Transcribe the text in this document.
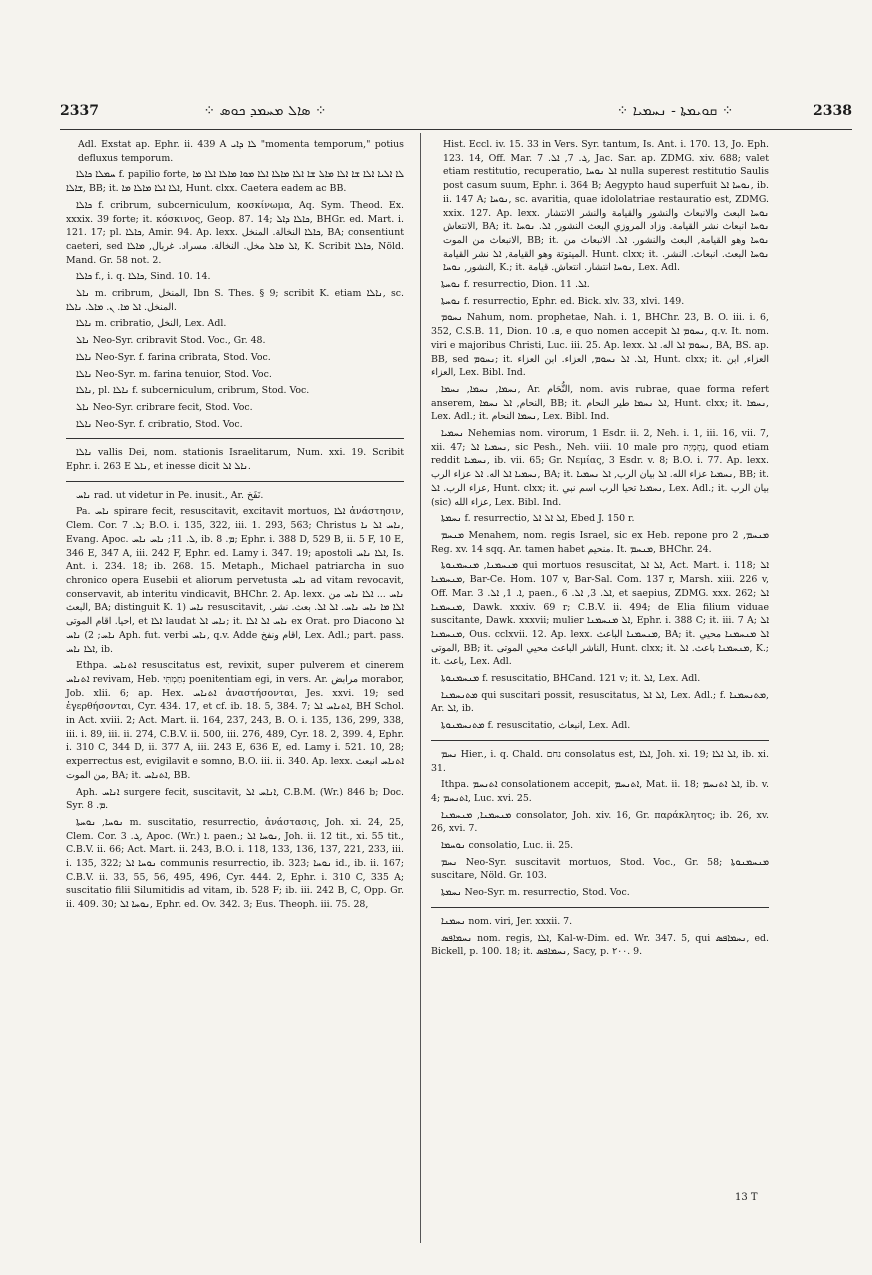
2337	⁘ ܣܐܠ ܡܚܡܕ ܟܘܣ ⁘	⁘ ܩܘܝܡܬܐ - ܢܚܡܝܐ ⁘	2338

Adl. Exstat ap. Ephr. ii. 439 A ܠܐ ܕܐܝ "momenta temporum," potius defluxus temporum.

ܚܡܠܐ ܟܐܠܐ f. papilio forte, ܠܐ ܐܠܝܐ ܐܠܐ ܫܐ ܐܠܐ ܡܐܠ ܫܐ ܐܠܐ ܡܐܠܐ ܐܠܐ ܡܘܐ ܡܐܠܐ ܐܠܐ ܡܐ ܫܐܠܐ, BB; it. ܐܠܐ ܐܠܐ ܡܐܠܐ ܡܐ, Hunt. clxx. Caetera eadem ac BB.

ܟܐܠܐ f. cribrum, subcerniculum, κοσκίνωμα, Aq. Sym. Theod. Ex. xxxix. 39 forte; it. κόσκινος, Geop. 87. 14; ܟܐܠܐ ܕܐܠ, BHGr. ed. Mart. i. 121. 17; pl. ܟܐܠܐ, Amir. 94. Ap. lexx. ܟܐܠܐ النخالة. المنخل, BA; consentiunt caeteri, sed ܐܠ ܡܐܠ مخل. النخالة. مسراد. غربال, ܡܐܠܐ, K. Scribit ܟܐܠܐ, Nöld. Mand. Gr. 58 not. 2.

ܟܐܠܐ f., i. q. ܟܐܠܐ, Sind. 10. 14.

ܢܐܠ m. cribrum, المنخل, Ibn S. Thes. § 9; scribit K. etiam ܢܐܠܐ, sc. المنخل. ܐܠ ܡܐ. ܢ. ܡܐܠ. ܢܐܠܐ.

ܢܐܠܐ m. cribratio, النخل, Lex. Adl.

ܢܐܠ Neo-Syr. cribravit Stod. Voc., Gr. 48.

ܢܐܠܐ Neo-Syr. f. farina cribrata, Stod. Voc.

ܢܐܠܐ Neo-Syr. m. farina tenuior, Stod. Voc.

ܢܐܠܐ, pl. ܢܐܠܐ f. subcerniculum, cribrum, Stod. Voc.

ܢܐܠ Neo-Syr. cribrare fecit, Stod. Voc.

ܢܐܠܐ Neo-Syr. f. cribratio, Stod. Voc.

ܢܐܠܐ vallis Dei, nom. stationis Israelitarum, Num. xxi. 19. Scribit Ephr. i. 263 E ܢܐܠ, et inesse dicit ܢܐܠ ܐܠ.

ܢܐܚ rad. ut videtur in Pe. inusit., Ar. نَفَخ.

Pa. ܢܐܚ spirare fecit, resuscitavit, excitavit mortuos, ܐܠܐ ἀνάστησιν, Clem. Cor. ܠ. 7; B.O. i. 135, 322, iii. 1. 293, 563; Christus ܢܐܚ ܐܠ ܢܐ, Evang. Apoc. ܠ. 11; ܢܐܚ ܢܐܚ, ib. ܡ. 8; Ephr. i. 388 D, 529 B, ii. 5 F, 10 E, 346 E, 347 A, iii. 242 F, Ephr. ed. Lamy i. 347. 19; apostoli ܐܠܐ ܢܐܚ, Is. Ant. i. 234. 18; ib. 268. 15. Metaph., Michael patriarcha in suo chronico opera Eusebii et aliorum pervetusta ܢܐܚ ad vitam revocavit, conservavit, ab interitu vindicavit, BHChr. 2. Ap. lexx. ܢܐܚ ... ܐܠܐ ܢܐܚ من البعث, BA; distinguit K. 1) ܢܐܚ resuscitavit, ܐܠܐ ܡܐ ܢܐܚ ܢܐܚ. ܐܠ ܐܠ. بعث. نشر. احيا. اقام الموتى, et ܐܠܐ laudat ܢܐܚ ܐܠ; it. ܢܐܚ ܐܠ ܐܠܐ ex Orat. pro Diacono ܐܠ ܢܐܚ; 2) ܢܐܚ Aph. fut. verbi ܢܐܚ, q.v. Adde اقام ونفخ, Lex. Adl.; part. pass. ܐܠܐ ܢܐܚ, ib.

Ethpa. ܐܬܢܐܚ resuscitatus est, revixit, super pulverem et cinerem ܐܬܢܐܚ revivam, Heb. נִחַמְתִּי poenitentiam egi, in vers. Ar. مرابض morabor, Job. xlii. 6; ap. Hex. ܐܬܢܐܚ ἀναστήσονται, Jes. xxvi. 19; sed ἐγερθήσονται, Cyr. 434. 17, et cf. ib. 18. 5, 384. 7; ܐܬܢܐܚ ܐܠ, BH Schol. in Act. xviii. 2; Act. Mart. ii. 164, 237, 243, B. O. i. 135, 136, 299, 338, iii. i. 89, iii. ii. 274, C.B.V. ii. 500, iii. 276, 489, Cyr. 18. 2, 399. 4, Ephr. i. 310 C, 344 D, ii. 377 A, iii. 243 E, 636 E, ed. Lamy i. 521. 10, 28; experrectus est, evigilavit e somno, B.O. iii. ii. 340. Ap. lexx. ܐܬܢܐܚ انبعث من الموت, BA; it. ܐܬܢܐܚ, BB.

Aph. ܐܢܐܚ surgere fecit, suscitavit, ܐܢܐܚ ܐܠ, C.B.M. (Wr.) 846 b; Doc. Syr. ܡ. 8.

ܢܘܚܐ, ܢܘܚܬܐ m. suscitatio, resurrectio, ἀνάστασις, Joh. xi. 24, 25, Clem. Cor. ܓ. 3, Apoc. (Wr.) ܐ. paen.; ܢܘܚܐ ܐܠ, Joh. ii. 12 tit., xi. 55 tit., C.B.V. ii. 66; Act. Mart. ii. 243, B.O. i. 118, 133, 136, 137, 221, 233, iii. i. 135, 322; ܢܘܚܐ ܐܠ communis resurrectio, ib. 323; ܢܘܚܐ id., ib. ii. 167; C.B.V. ii. 33, 55, 56, 495, 496, Cyr. 444. 2, Ephr. i. 310 C, 335 A; suscitatio filii Silumitidis ad vitam, ib. 528 F; ib. iii. 242 B, C, Opp. Gr. ii. 409. 30; ܢܘܚܐ ܐܠ, Ephr. ed. Ov. 342. 3; Eus. Theoph. iii. 75. 28,

Hist. Eccl. iv. 15. 33 in Vers. Syr. tantum, Is. Ant. i. 170. 13, Jo. Eph. 123. 14, Off. Mar. ܓ. 7, ܐܠ. 7, Jac. Sar. ap. ZDMG. xiv. 688; valet etiam restitutio, recuperatio, ܐܠ ܢܘܚܐ nulla superest restitutio Saulis post casum suum, Ephr. i. 364 B; Aegypto haud superfuit ܢܘܚܐ ܐܠ, ib. ii. 147 A; ܢܘܚܐ, sc. avaritia, quae idololatriae restauratio est, ZDMG. xxix. 127. Ap. lexx. ܢܘܚܐ البعث والانبعاث والنشور والقيامة والنشر الانتشار الانتعاش, BA; it. ܢܘܚܐ انبعاث نشر القيامة. وزاد المروزي البعث النشور, ܐܠ. ܢܘܚܐ الانبعاث من الموت, BB; it. ܢܘܚܐ وهو القيامة, البعث والنشور. ܐܠ. الانبعاث من الميتوتة وهو القيامة, ܐܠ نشر القيامة. Hunt. clxx; it. ܢܘܚܐ البعث. انبعاث. النشر. النشور, ܢܘܚܐ, K.; it. ܢܘܚܐ انتشار. انتعاش. قيامة, Lex. Adl.

ܢܘܚܬܐ f. resurrectio, Dion. ܐܠ. 11.

ܢܘܚܬܐ f. resurrectio, Ephr. ed. Bick. xlv. 33, xlvi. 149.

ܢܚܘܡ Nahum, nom. prophetae, Nah. i. 1, BHChr. 23, B. O. iii. i. 6, 352, C.S.B. 11, Dion. ܦ. 10, e quo nomen accepit ܢܚܘܡ ܐܠ, q.v. It. nom. viri e majoribus Christi, Luc. iii. 25. Ap. lexx. ܢܚܘܡ ܐܠ اله. ܐܠ, BA, BS. ap. BB, sed ܢܚܘܡ; it. ܐܠ. ܐܠ ܢܚܘܡ, العزاء. ابن العزاء, Hunt. clxx; it. العزاء, ابن العزاء, Lex. Bibl. Ind.

ܢܚܡܐ, ܢܚܡܐ, ܢܚܡܐ, Ar. النُّحَام, nom. avis rubrae, quae forma refert anserem, النحام, ܐܠ ܢܚܡܐ, BB; it. ܐܠ ܢܚܡܐ طير النحام, Hunt. clxx; it. ܢܚܡܐ, Lex. Adl.; it. ܢܚܡܐ النحام, Lex. Bibl. Ind.

ܢܚܡܝܐ Nehemias nom. virorum, 1 Esdr. ii. 2, Neh. i. 1, iii. 16, vii. 7, xii. 47; ܢܚܡܝܐ ܐܠ, sic Pesh., Neh. viii. 10 male pro נְחֶמְיָה, quod etiam reddit ܢܚܡܝܐ, ib. vii. 65; Gr. Νεμίας, 3 Esdr. v. 8; B.O. i. 77. Ap. lexx. ܢܚܡܝܐ ܐܠ اله. ܐܠ عزاء الرب, BA; it. ܢܚܡܝܐ عزاء الله. ܐܠ بيان الرب, ܐܠ ܢܚܡܝܐ, BB; it. عزاء الرب. ܐܠ, Hunt. clxx; it. ܢܚܡܝܐ تحيا الرب اسم نبي, Lex. Adl.; it. بيان الرب (sic) عزاء الله, Lex. Bibl. Ind.

ܢܚܡܬܐ f. resurrectio, ܐܠ ܐܠ ܐܠ, Ebed J. 150 r.

ܡܢܚܡ Menahem, nom. regis Israel, sic ex Heb. repone pro ܡܢܚܡ, 2 Reg. xv. 14 sqq. Ar. tamen habet منحيم. It. ܡܢܚܡ, BHChr. 24.

ܡܢܚܡܢܐ, ܡܢܚܡܢܘܬܐ qui mortuos resuscitat, ܐܠ ܐܠ, Act. Mart. i. 118; ܐܠ ܡܢܚܡܢܐ, Bar-Ce. Hom. 107 v, Bar-Sal. Com. 137 r, Marsh. xiii. 226 v, Off. Mar. ܐ. 1, ܐܠ. 3, paen., ܐܠ. 3, ܐܠ. 6, et saepius, ZDMG. xxx. 262; ܐܠ ܡܢܚܡܢܐ, Dawk. xxxiv. 69 r; C.B.V. ii. 494; de Elia filium viduae suscitante, Dawk. xxxvii; mulier ܐܠ ܡܢܚܡܢܐ, Ephr. i. 388 C; it. iii. 7 A; ܐܠ ܡܢܚܡܢܐ, Ous. cclxvii. 12. Ap. lexx. ܡܢܚܡܢܐ الباعث, BA; it. ܐܠ ܡܢܚܡܢܐ محيي الموتى, BB; it. الناشر الباعث محيي الموتى, Hunt. clxx; it. ܡܢܚܡܢܐ باعث. ܐܠ, K.; it. باعث, Lex. Adl.

ܡܢܚܡܢܘܬܐ f. resuscitatio, BHCand. 121 v; it. ܐܠ, Lex. Adl.

ܡܬܢܚܡܢܐ qui suscitari possit, resuscitatus, ܐܠ ܐܠ, Lex. Adl.; f. ܡܬܢܚܡܢܐ, Ar. ܐܠ, ib.

ܡܬܢܚܡܢܘܬܐ f. resuscitatio, انبعاث, Lex. Adl.

ܢܚܡ Hier., i. q. Chald. נחם consolatus est, ܐܠܐ, Joh. xi. 19; ܐܠ ܐܠܐ, ib. xi. 31.

Ithpa. ܐܬܢܚܡ consolationem accepit, ܐܬܢܚܡ, Mat. ii. 18; ܐܠ ܐܬܢܚܡ, ib. v. 4; ܐܬܢܚܡ, Luc. xvi. 25.

ܡܢܚܡܢܐ, ܡܢܚܡܢܐ consolator, Joh. xiv. 16, Gr. παράκλητος; ib. 26, xv. 26, xvi. 7.

ܢܘܚܡܐ consolatio, Luc. ii. 25.

ܢܚܡ Neo-Syr. suscitavit mortuos, Stod. Voc., Gr. 58; ܡܢܚܡܢܘܬܐ suscitare, Nöld. Gr. 103.

ܢܚܡܬܐ Neo-Syr. m. resurrectio, Stod. Voc.

ܢܚܡܢܐ nom. viri, Jer. xxxii. 7.

ܢܚܡܐܦܣ nom. regis, ܐܠܐ, Kal-w-Dim. ed. Wr. 347. 5, qui ܢܚܡܐܦܣ, ed. Bickell, p. 100. 18; it. ܢܚܡܐܦܣ, Sacy, p. ۲۰۰. 9.

13 T
